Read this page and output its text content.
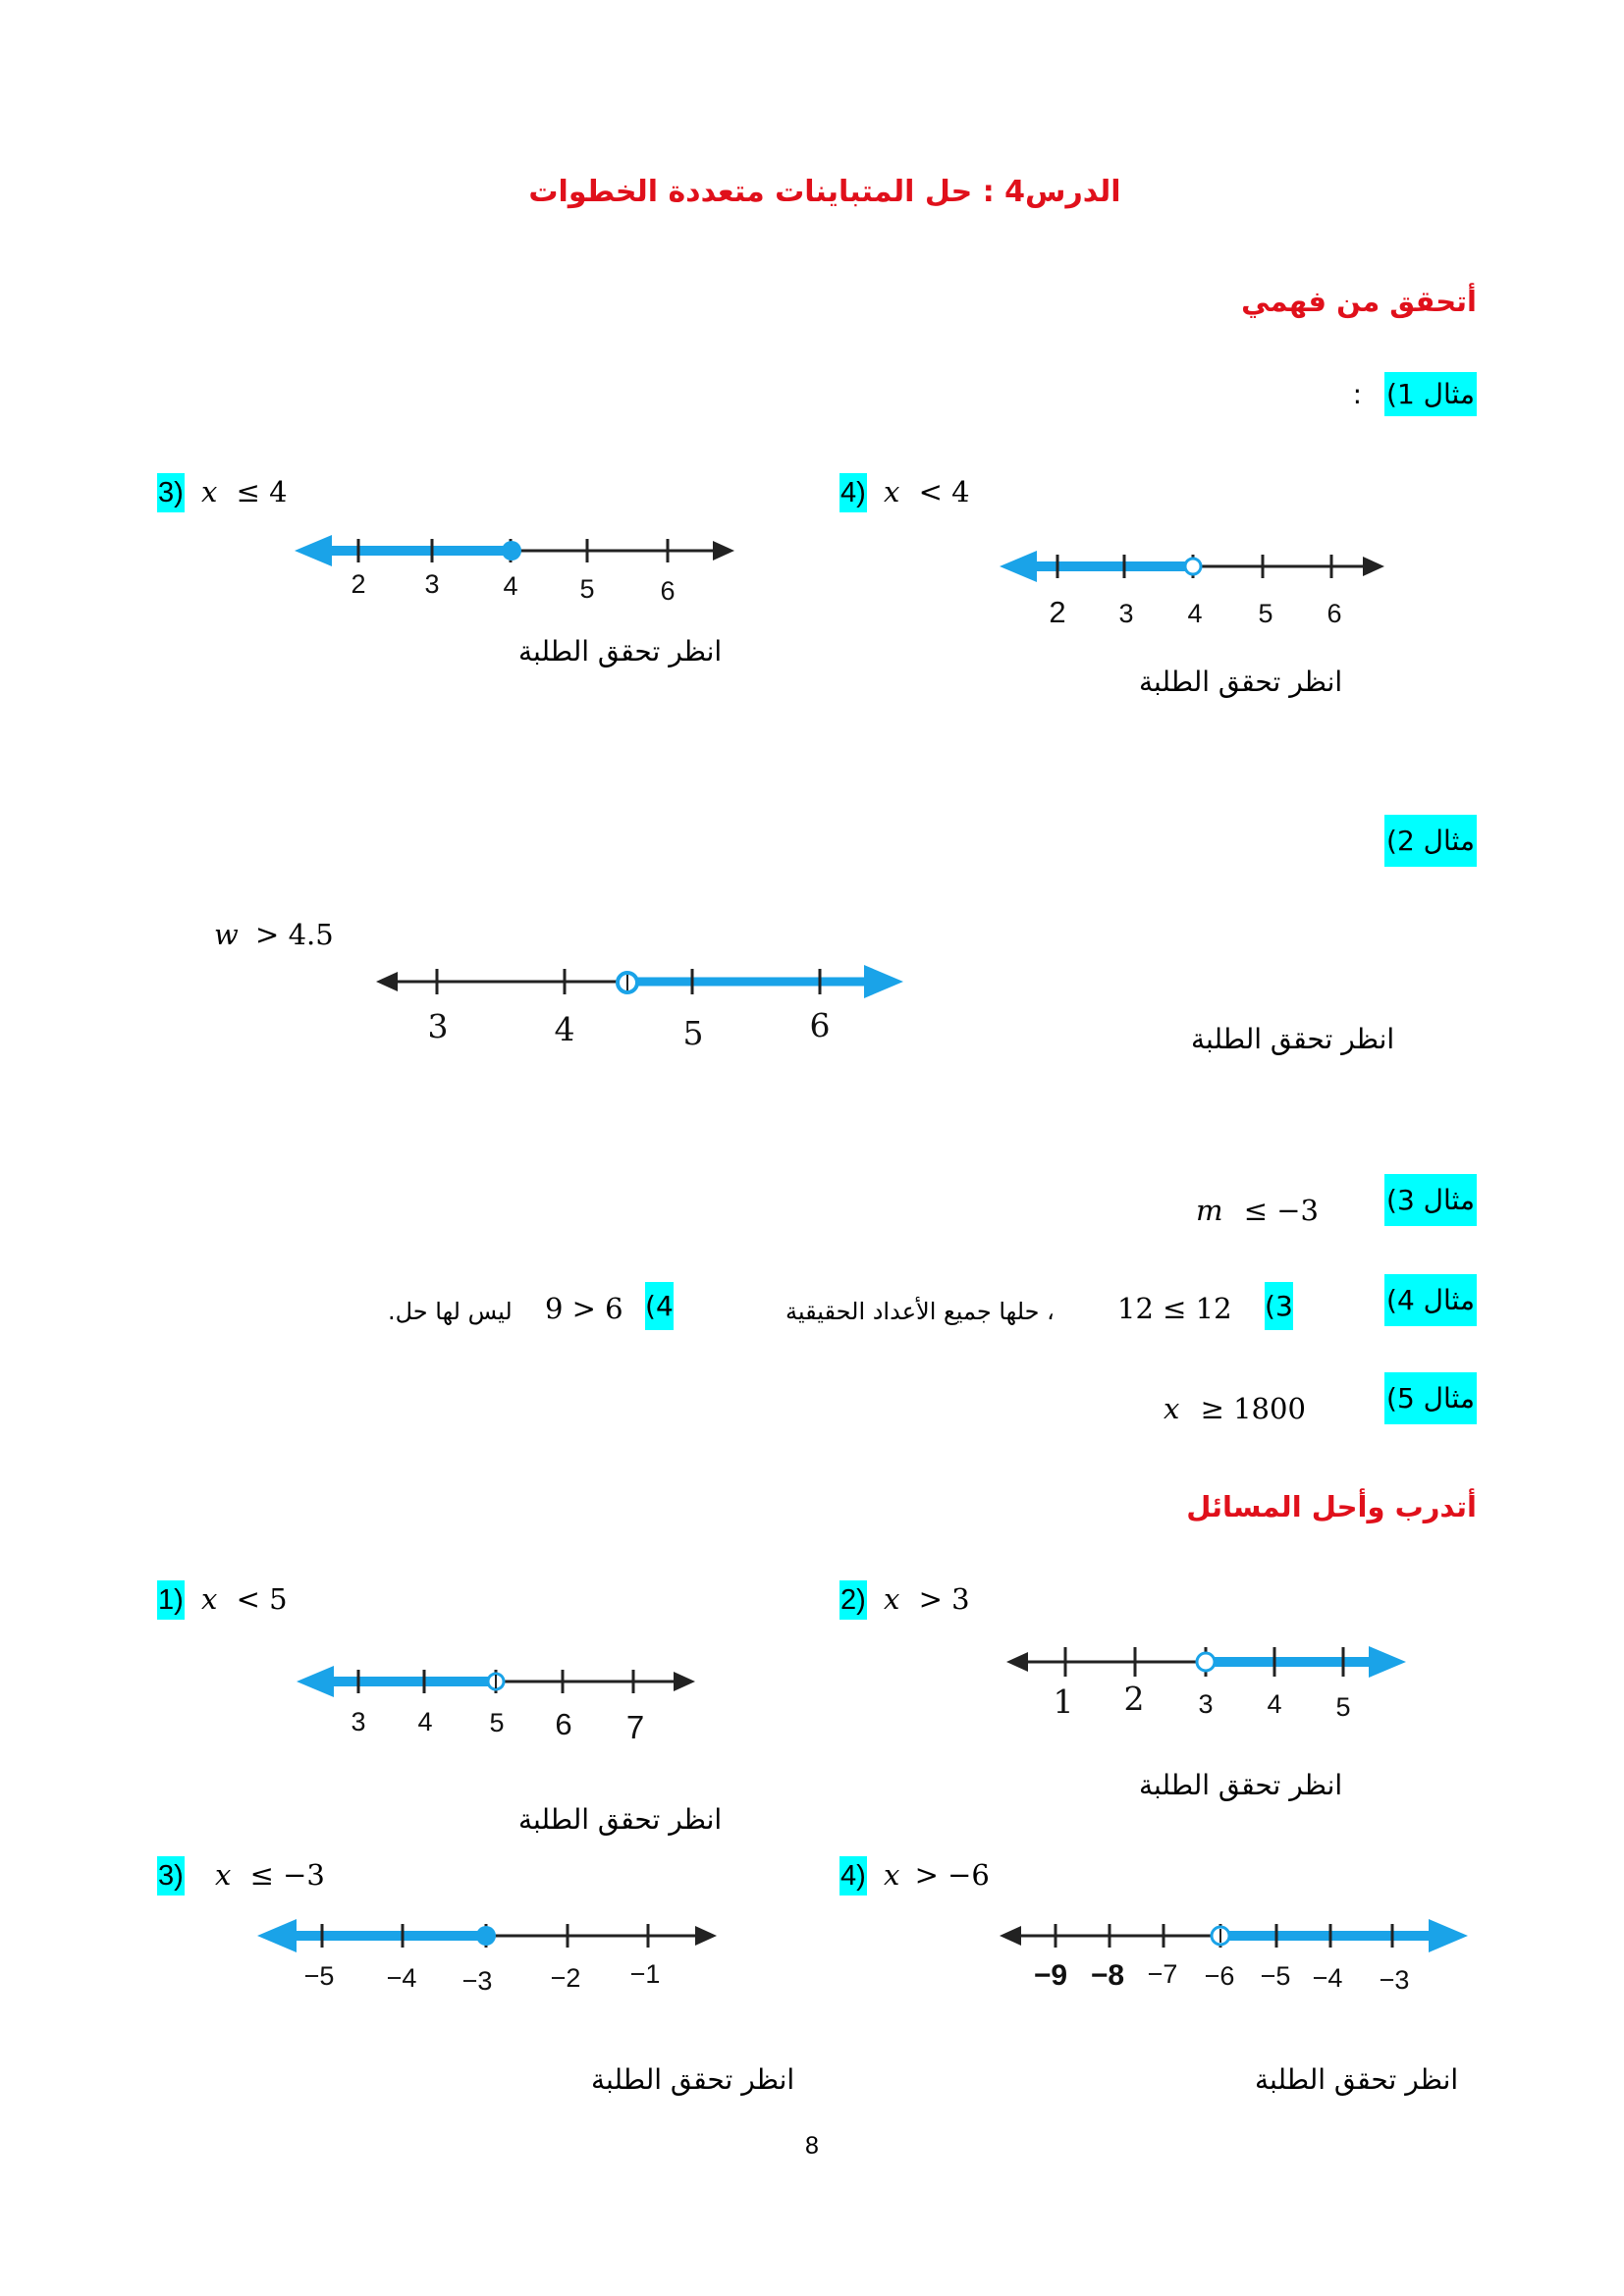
الدرس4 : حل المتباينات متعددة الخطوات
أتحقق من فهمي
مثال 1) :
3) x ≤ 4	4) x < 4
2 3 4 5 6
انظر تحقق الطلبة
2 3 4 5 6
انظر تحقق الطلبة
مثال 2)
w > 4.5
3	4	5	6	انظر تحقق الطلبة
مثال 3)
m ≤ −3
مثال 4)
3)
12 ≤ 12
، حلها جميع الأعداد الحقيقية
4)
9 > 6
ليس لها حل.
مثال 5)
x ≥ 1800
أتدرب وأحل المسائل
1) x < 5
3 4 5 6 7
انظر تحقق الطلبة
2) x > 3
1 2 3 4 5
انظر تحقق الطلبة
3) x ≤ −3
−5 −4 −3 −2 −1
انظر تحقق الطلبة
4) x > −6
−9 −8 −7 −6 −5 −4 −3
انظر تحقق الطلبة
8
